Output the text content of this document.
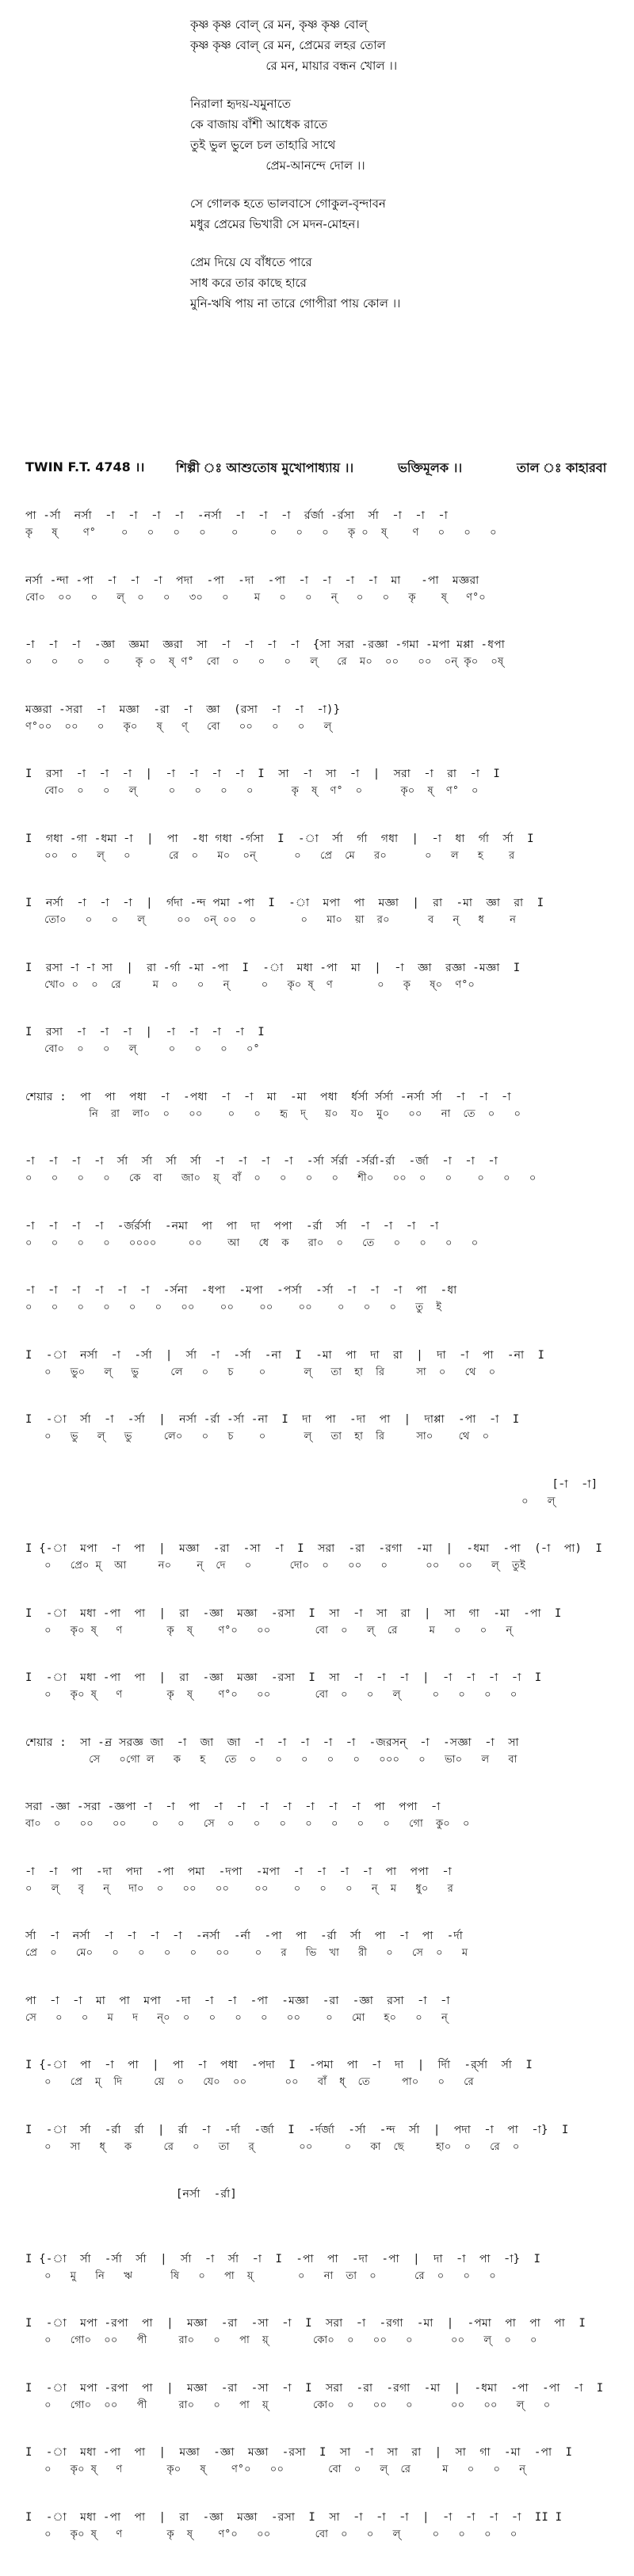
কৃষ্ণ কৃষ্ণ বোল্ রে মন, কৃষ্ণ কৃষ্ণ বোল্
কৃষ্ণ কৃষ্ণ বোল্ রে মন, প্রেমের লহর তোল
রে মন, মায়ার বন্ধন খোল ।।
নিরালা হৃদয়-যমুনাতে
কে বাজায় বাঁশী আধেক রাতে
তুই ভুল ভুলে চল তাহারি সাথে
প্রেম-আনন্দে দোল ।।
সে গোলক হতে ভালবাসে গোকুল-বৃন্দাবন
মধুর প্রেমের ভিখারী সে মদন-মোহন।
প্রেম দিয়ে যে বাঁধতে পারে
সাধ করে তার কাছে হারে
মুনি-ঋষি পায় না তারে গোপীরা পায় কোল ।।

TWIN F.T. 4748 ।।

শিল্পী ঃ আশুতোষ মুখোপাধ্যায় ।।

	ভক্তিমূলক ।।

	তাল ঃ কাহারবা

পা -র্সা  নর্সা  -া  -া  -া  -া  -নর্সা  -া  -া  -া  র্রর্জা -র্রসা  র্সা  -া  -া  -া
কৃ   ষ্    ণ°    ০   ০   ০   ০    ০     ০   ০   ০   কৃ ০  ষ্    ণ   ০   ০   ০
নর্সা -ন্দা -পা  -া  -া  -া  পদা  -পা  -দা  -পা  -া  -া  -া  -া  মা   -পা  মজ্ঞরা
বো০  ০০   ০   ল্  ০   ০   ৩০   ০    ম   ০   ০   ন্   ০   ০   কৃ    ষ্   ণ°০
-া  -া  -া  -জ্ঞা  জ্ঞমা  জ্ঞরা  সা  -া  -া  -া  -া  {সা সরা -রজ্ঞা -গমা -মপা মপ্পা -ধপা
০   ০   ০   ০    কৃ ০  ষ্ ণ°  বো  ০   ০   ০   ল্   রে  ম০  ০০   ০০  ০ন্ কৃ০  ০ষ্
মজ্ঞরা -সরা  -া  মজ্ঞা  -রা  -া  জ্ঞা  (রসা  -া  -া  -া)}
ণ°০০  ০০   ০   কৃ০   ষ্   ণ্   বো   ০০   ০   ০   ল্
I  রসা  -া  -া  -া  |  -া  -া  -া  -া  I  সা  -া  সা  -া  |  সরা  -া  রা  -া  I
বো০  ০   ০   ল্     ০   ০   ০   ০      কৃ  ষ্  ণ°  ০      কৃ০  ষ্  ণ°  ০
I  গধা -গা -ধমা -া  |  পা  -ধা গধা -র্গসা  I  -া  র্সা  র্গা  গধা  |  -া  ধা  র্গা  র্সা  I
০০  ০   ল্   ০      রে  ০   ম০  ০ন্      ০   প্রে  মে   র০      ০   ল   হ    র
I  নর্সা  -া  -া  -া  |  র্গদা -ন্দ পমা -পা  I  -া  মপা  পা  মজ্ঞা  |  রা  -মা  জ্ঞা  রা  I
তো০   ০   ০   ল্     ০০  ০ন্ ০০  ০       ০   মা০  য়া  র০      ব   ন্   ধ    ন
I  রসা -া -া সা  |  রা -র্গা -মা -পা  I  -া  মধা -পা  মা  |  -া  জ্ঞা  রজ্ঞা -মজ্ঞা  I
খো০ ০  ০  রে     ম  ০   ০   ন্     ০   কৃ০ ষ্  ণ       ০   কৃ   ষ্০  ণ°০
I  রসা  -া  -া  -া  |  -া  -া  -া  -া  I
বো০  ০   ০   ল্     ০   ০   ০   ০°
শেয়ার :  পা  পা  পধা  -া  -পধা  -া  -া  মা  -মা  পধা  র্ধর্সা র্সর্সা -নর্সা র্সা  -া  -া  -া
নি  রা  লা০  ০   ০০    ০   ০   হৃ  দ্   য়০  য০  মু০   ০০   না  তে  ০   ০
-া  -া  -া  -া  র্সা  র্সা  র্সা  র্সা  -া  -া  -া  -া  -র্সা র্সর্রা -র্সর্রা-র্রা  -র্জা  -া  -া  -া
০   ০   ০   ০   কে  বা   জা০  য়্  বাঁ  ০   ০   ০   ০   শী০   ০০  ০   ০    ০   ০   ০
-া  -া  -া  -া  -র্জর্রর্সা  -নমা  পা  পা  দা  পপা  -র্রা  র্সা  -া  -া  -া  -া
০   ০   ০   ০   ০০০০     ০০    আ   ধে  ক   রা০  ০   তে   ০   ০   ০   ০
-া  -া  -া  -া  -া  -া  -র্সনা  -ধপা  -মপা  -পর্সা  -র্সা  -া  -া  -া  পা  -ধা
০   ০   ০   ০   ০   ০   ০০    ০০    ০০    ০০    ০   ০   ০   তু  ই
I  -া  নর্সা  -া  -র্সা  |  র্সা  -া  -র্সা  -না  I  -মা  পা  দা  রা  |  দা  -া  পা  -না  I
০   ভু০   ল্   ভু     লে   ০   চ    ০      ল্   তা  হা  রি     সা  ০   থে  ০
I  -া  র্সা  -া  -র্সা  |  নর্সা -র্রা -র্সা -না  I  দা  পা  -দা  পা  |  দাপ্পা  -পা  -া  I
০   ভু   ল্   ভু     লে০   ০   চ    ০      ল্   তা  হা  রি     সা০    থে  ০
[-া  -া]
০   ল্
I {-া  মপা  -া  পা  |  মজ্ঞা  -রা  -সা  -া  I  সরা  -রা  -রগা  -মা  |  -ধমা  -পা  (-া  পা)  I
০   প্রে০ ম্  আ     ন০    ন্  দে   ০      দো০  ০   ০০   ০      ০০   ০০   ল্  তুই
I  -া  মধা -পা  পা  |  রা  -জ্ঞা  মজ্ঞা  -রসা  I  সা  -া  সা  রা  |  সা  গা  -মা  -পা  I
০   কৃ০ ষ্   ণ       কৃ  ষ্    ণ°০   ০০       বো  ০   ল্  রে     ম   ০   ০   ন্
I  -া  মধা -পা  পা  |  রা  -জ্ঞা  মজ্ঞা  -রসা  I  সা  -া  -া  -া  |  -া  -া  -া  -া  I
০   কৃ০ ষ্   ণ       কৃ  ষ্    ণ°০   ০০       বো  ০   ০   ল্     ০   ০   ০   ০
শেয়ার :  সা -ন্র সরজ্ঞ জা  -া  জা  জা  -া  -া  -া  -া  -া  -জরসন্  -া  -সজ্ঞা  -া  সা
সে   ০গো ল   ক   হ   তে  ০   ০   ০   ০   ০   ০০০   ০   ভা০   ল   বা
সরা -জ্ঞা -সরা -জ্ঞপা -া  -া  পা  -া  -া  -া  -া  -া  -া  -া  পা  পপা  -া
বা০  ০   ০০   ০০    ০   ০   সে  ০   ০   ০   ০   ০   ০   ০   গো  কু০  ০
-া  -া  পা  -দা  পদা  -পা  পমা  -দপা  -মপা  -া  -া  -া  -া  পা  পপা  -া
০   ল্   বৃ   ন্   দা০  ০   ০০   ০০    ০০    ০   ০   ০   ন্  ম   ধু০   র
র্সা  -া  নর্সা  -া  -া  -া  -া  -নর্সা  -র্না  -পা  পা  -র্রা  র্সা  পা  -া  পা  -র্দা
প্রে  ০   মে০   ০   ০   ০   ০   ০০    ০   র   ভি  খা   রী   ০   সে  ০   ম
পা  -া  -া  মা  পা  মপা  -দা  -া  -া  -পা  -মজ্ঞা  -রা  -জ্ঞা  রসা  -া  -া
সে   ০   ০   ম   দ   ন্০  ০   ০   ০   ০   ০০    ০   মো   হ০   ০   ন্
I {-া  পা  -া  পা  |  পা  -া  পধা  -পদা  I  -পমা  পা  -া  দা  |  র্দিা  -র্র্সা  র্সা  I
০   প্রে  ম্  দি     য়ে  ০   যে০  ০০      ০০   বাঁ  ধ্  তে     পা০   ০   রে
I  -া  র্সা  -র্রা  র্রা  |  র্রা  -া  -র্দা  -র্জা  I  -র্দর্জা  -র্সা  -ন্দ  র্সা  |  পদা  -া  পা  -া}  I
০   সা   ধ্   ক     রে   ০   তা   র্       ০০     ০   কা  ছে     হা০  ০   রে  ০
[নর্সা  -র্রা]
I {-া  র্সা  -র্সা  র্সা  |  র্সা  -া  র্সা  -া  I  -পা  পা  -দা  -পা  |  দা  -া  পা  -া}  I
০   মু   নি   ঋ      ষি   ০   পা  য়্       ০   না  তা  ০      রে  ০   ০   ০
I  -া  মপা -রপা  পা  |  মজ্ঞা  -রা  -সা  -া  I  সরা  -া  -রগা  -মা  |  -পমা  পা  পা  পা  I
০   গো০  ০০   পী     রা০   ০   পা  য়্       কো০  ০   ০০   ০      ০০   ল্  ০   ০
I  -া  মপা -রপা  পা  |  মজ্ঞা  -রা  -সা  -া  I  সরা  -রা  -রগা  -মা  |  -ধমা  -পা  -পা  -া  I
০   গো০  ০০   পী     রা০   ০   পা  য়্       কো০  ০   ০০   ০      ০০   ০০   ল্   ০
I  -া  মধা -পা  পা  |  মজ্ঞা  -জ্ঞা  মজ্ঞা  -রসা  I  সা  -া  সা  রা  |  সা  গা  -মা  -পা  I
০   কৃ০ ষ্   ণ       কৃ০   ষ্    ণ°০   ০০       বো  ০   ল্  রে     ম   ০   ০   ন্
I  -া  মধা -পা  পা  |  রা  -জ্ঞা  মজ্ঞা  -রসা  I  সা  -া  -া  -া  |  -া  -া  -া  -া  II I
০   কৃ০ ষ্   ণ       কৃ  ষ্    ণ°০   ০০       বো  ০   ০   ল্     ০   ০   ০   ০
